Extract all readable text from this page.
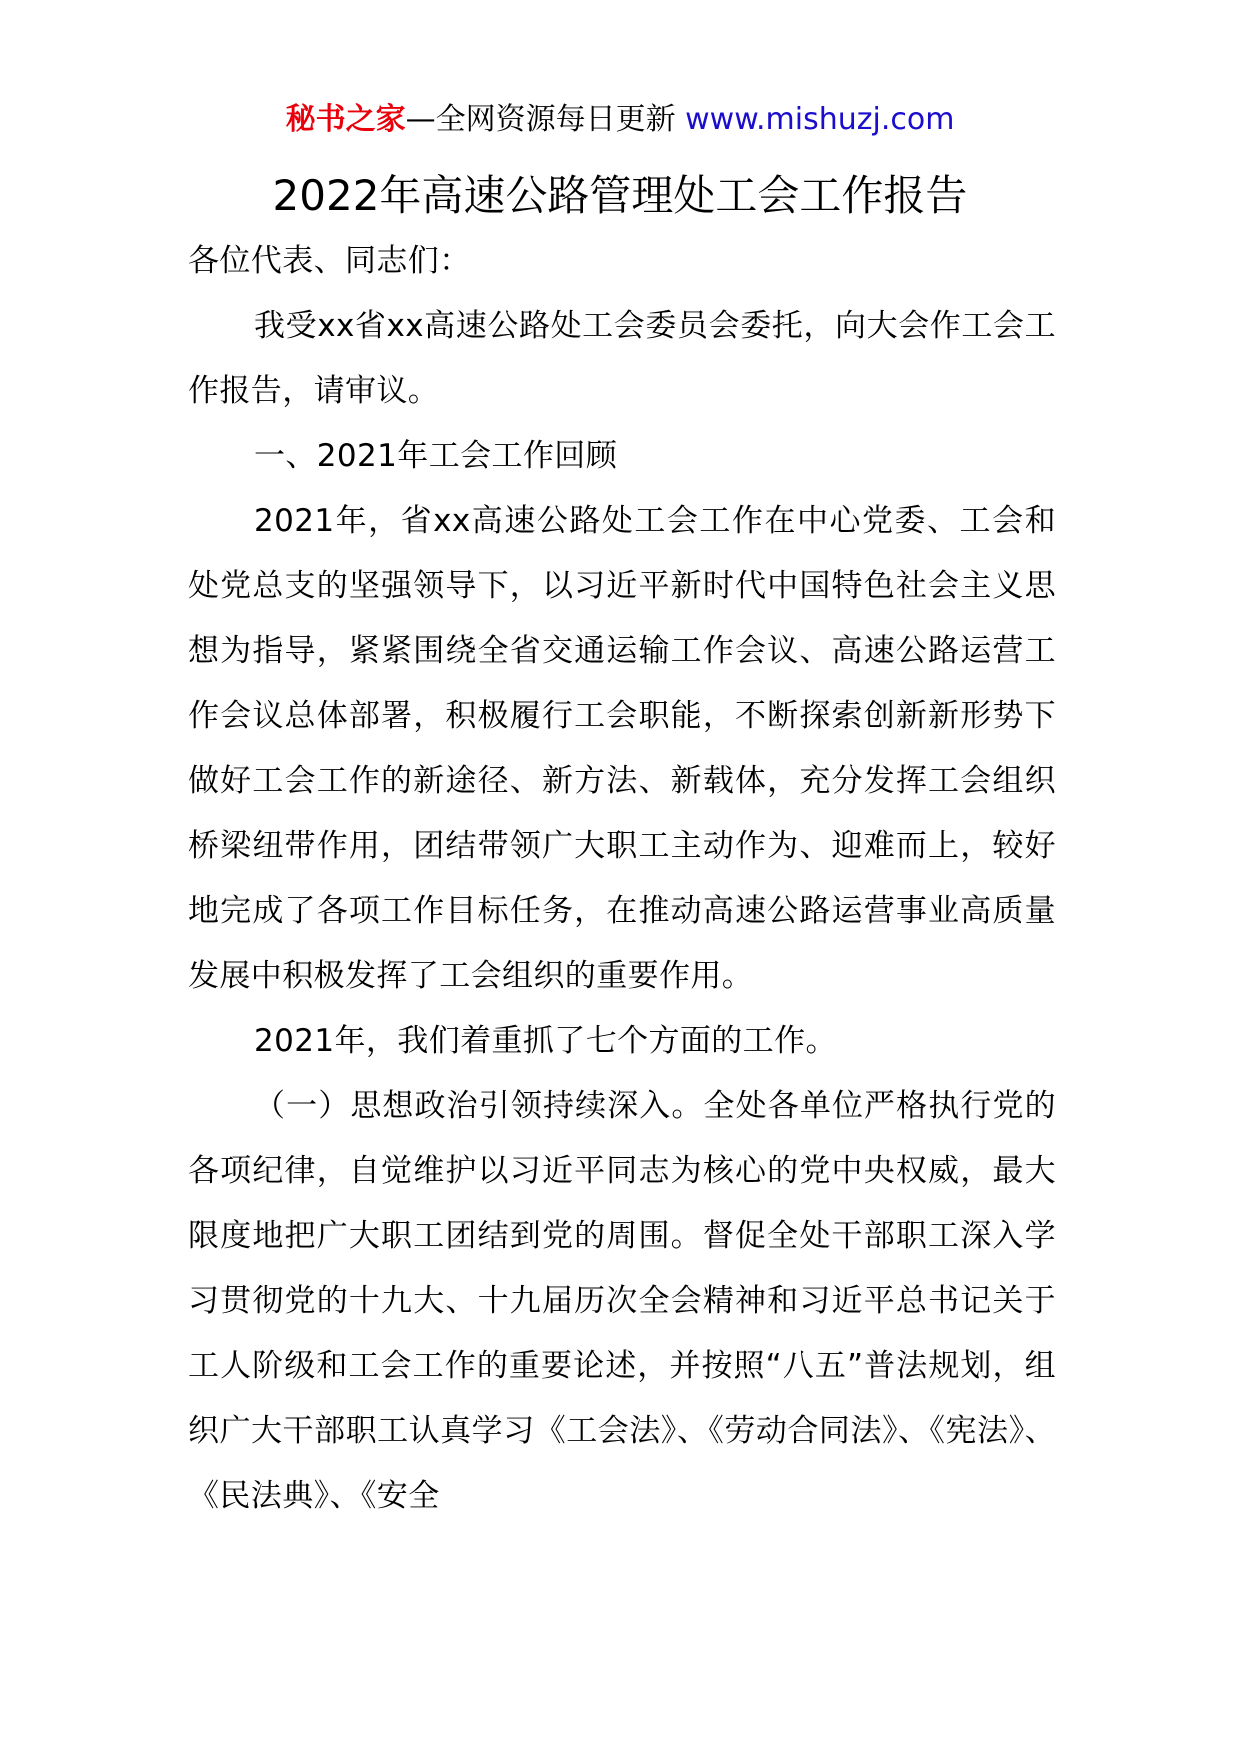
秘书之家—全网资源每日更新 www.mishuzj.com
2022年高速公路管理处工会工作报告

各位代表、同志们：

我受xx省xx高速公路处工会委员会委托，向大会作工会工作报告，请审议。

一、2021年工会工作回顾

2021年，省xx高速公路处工会工作在中心党委、工会和处党总支的坚强领导下，以习近平新时代中国特色社会主义思想为指导，紧紧围绕全省交通运输工作会议、高速公路运营工作会议总体部署，积极履行工会职能，不断探索创新新形势下做好工会工作的新途径、新方法、新载体，充分发挥工会组织桥梁纽带作用，团结带领广大职工主动作为、迎难而上，较好地完成了各项工作目标任务，在推动高速公路运营事业高质量发展中积极发挥了工会组织的重要作用。

2021年，我们着重抓了七个方面的工作。

（一）思想政治引领持续深入。全处各单位严格执行党的各项纪律，自觉维护以习近平同志为核心的党中央权威，最大限度地把广大职工团结到党的周围。督促全处干部职工深入学习贯彻党的十九大、十九届历次全会精神和习近平总书记关于工人阶级和工会工作的重要论述，并按照“八五”普法规划，组织广大干部职工认真学习《工会法》、《劳动合同法》、《宪法》、《民法典》、《安全
